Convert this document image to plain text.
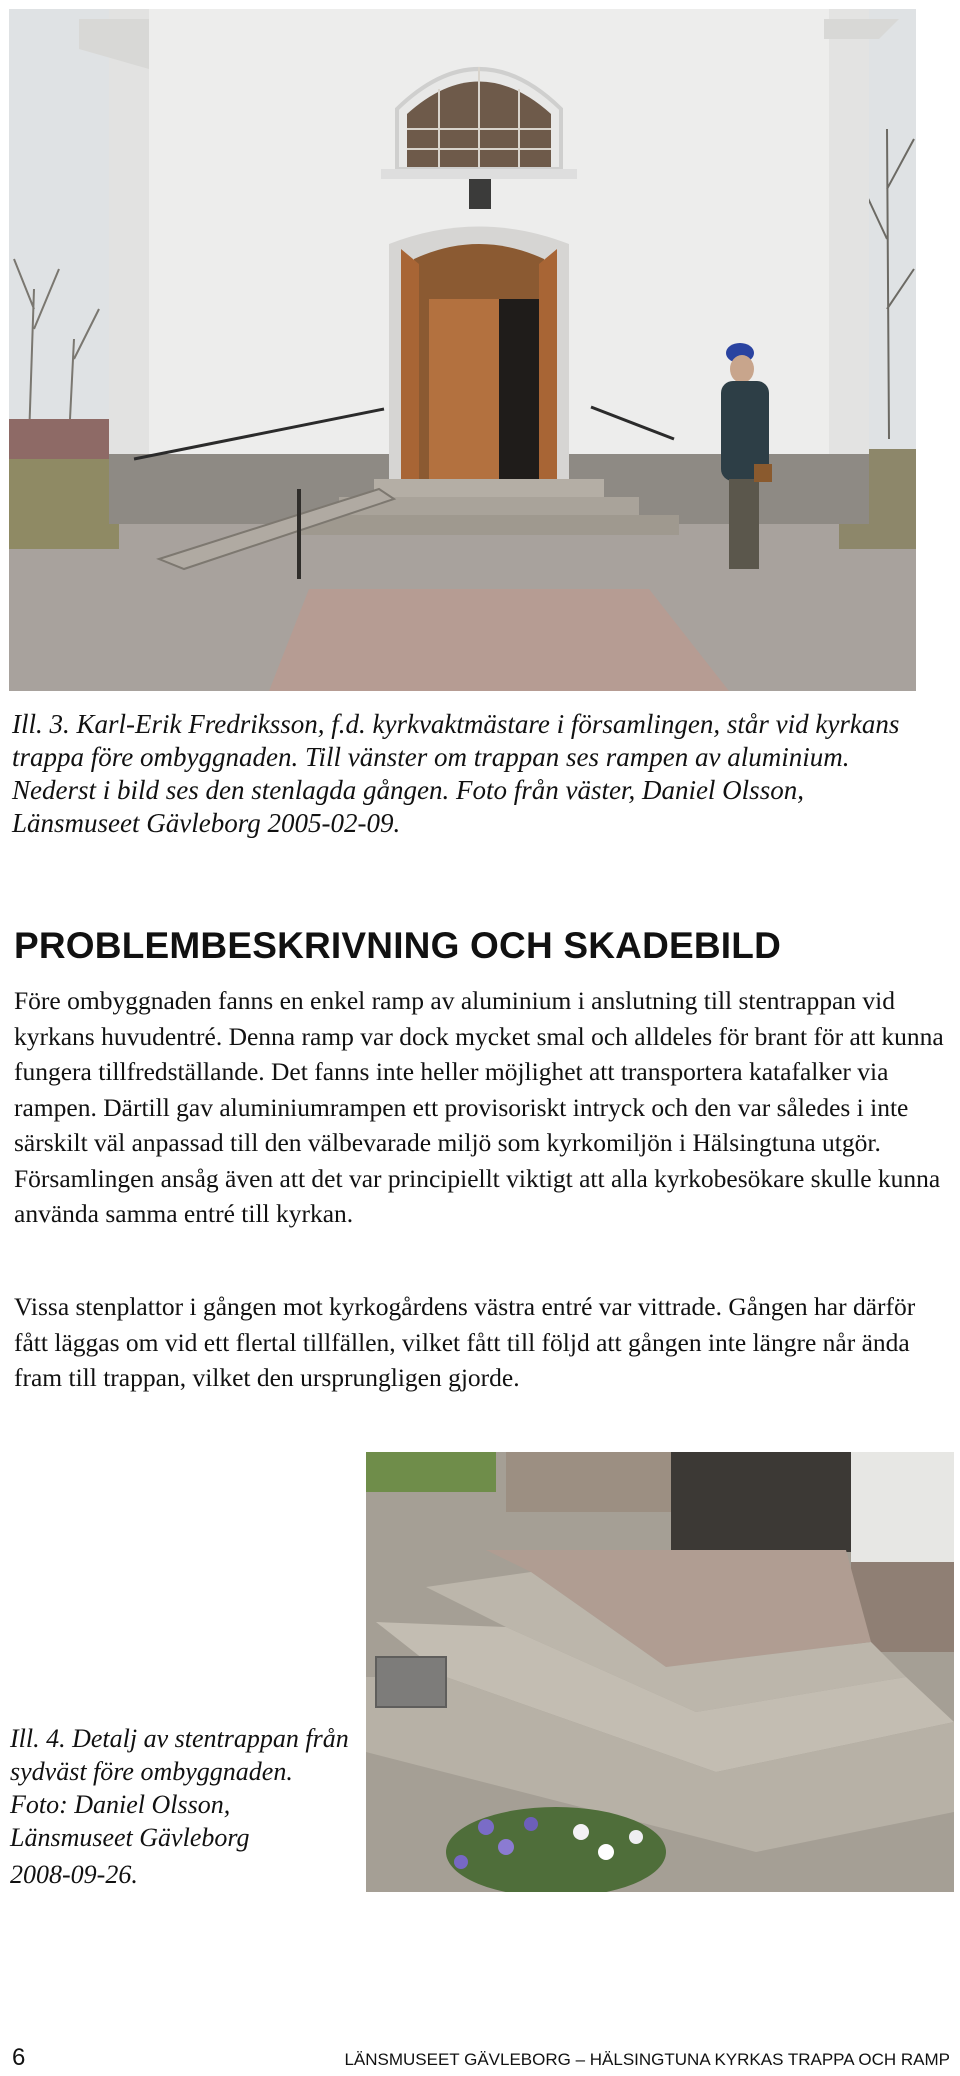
Ill. 3. Karl-Erik Fredriksson, f.d. kyrkvaktmästare i församlingen, står vid kyrkans trappa före ombyggnaden. Till vänster om trappan ses rampen av aluminium. Nederst i bild ses den stenlagda gången. Foto från väster, Daniel Olsson, Länsmuseet Gävleborg 2005-02-09.
PROBLEMBESKRIVNING OCH SKADEBILD
Före ombyggnaden fanns en enkel ramp av aluminium i anslutning till stentrappan vid kyrkans huvudentré. Denna ramp var dock mycket smal och alldeles för brant för att kunna fungera tillfredställande. Det fanns inte heller möjlighet att transportera katafalker via rampen. Därtill gav aluminiumrampen ett provisoriskt intryck och den var således i inte särskilt väl anpassad till den välbevarade miljö som kyrkomiljön i Hälsingtuna utgör. Församlingen ansåg även att det var principiellt viktigt att alla kyrkobesökare skulle kunna använda samma entré till kyrkan.
Vissa stenplattor i gången mot kyrkogårdens västra entré var vittrade. Gången har därför fått läggas om vid ett flertal tillfällen, vilket fått till följd att gången inte längre når ända fram till trappan, vilket den ursprungligen gjorde.
Ill. 4. Detalj av stentrappan från sydväst före ombyggnaden. Foto: Daniel Olsson, Länsmuseet Gävleborg
2008-09-26.
6	LÄNSMUSEET GÄVLEBORG – HÄLSINGTUNA KYRKAS TRAPPA OCH RAMP
